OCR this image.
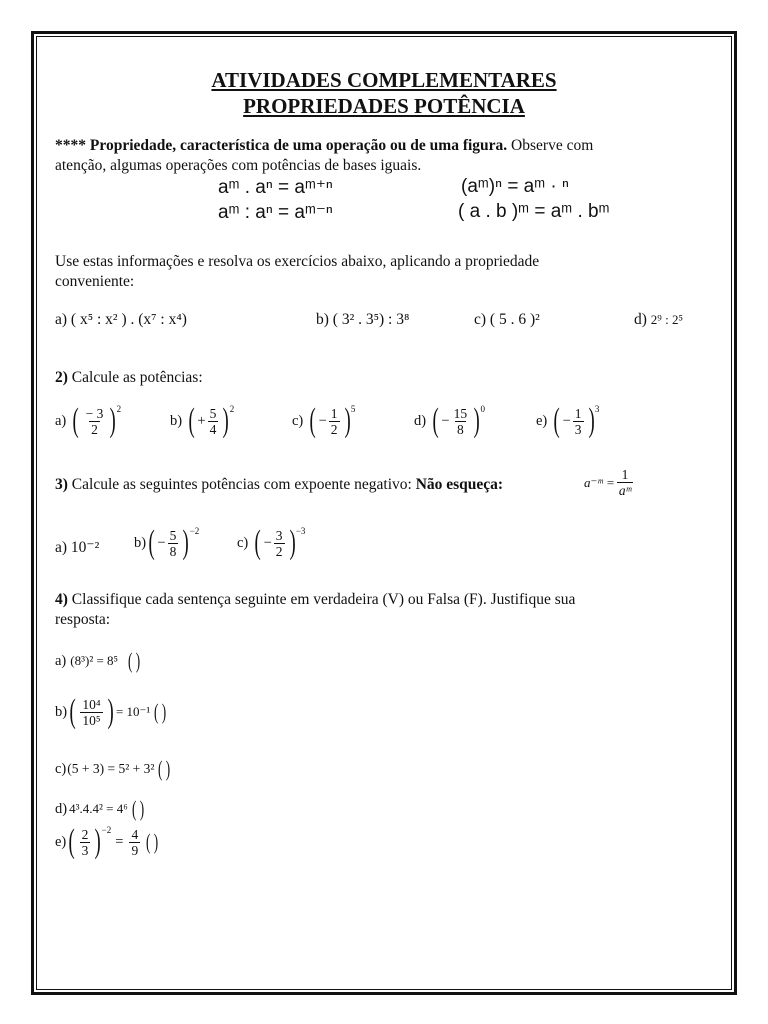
ATIVIDADES COMPLEMENTARES
PROPRIEDADES POTÊNCIA
**** Propriedade, característica de uma operação ou de uma figura. Observe com
atenção, algumas operações com potências de bases iguais.
aᵐ . aⁿ = aᵐ⁺ⁿ	(aᵐ)ⁿ = aᵐ · ⁿ
aᵐ : aⁿ = aᵐ⁻ⁿ	( a . b )ᵐ = aᵐ . bᵐ
Use estas informações e resolva os exercícios abaixo, aplicando a propriedade
conveniente:
a) ( x⁵ : x² ) . (x⁷ : x⁴)	b) ( 3² . 3⁵) : 3⁸	c) ( 5 . 6 )²	d) 2⁹ : 2⁵
2) Calcule as potências:
a) ( $\frac{- 3}{2}$ ) 2
b) ( + $\frac{5}{4}$ ) 2
c) ( − $\frac{1}{2}$ ) 5
d) ( − $\frac{15}{8}$ ) 0
e) ( − $\frac{1}{3}$ ) 3
3) Calcule as seguintes potências com expoente negativo: Não esqueça:	a⁻ᵐ = $\frac{1}{\text{aᵐ}}$
a) 10⁻² b) ( − $\frac{5}{8}$ ) −2
c) ( − $\frac{3}{2}$ ) −3
4) Classifique cada sentença seguinte em verdadeira (V) ou Falsa (F). Justifique sua
resposta:
a) (8³)² = 8⁵ ( )
b) ( $\frac{\text{10⁴}}{\text{10⁵}}$ ) = 10⁻¹ ( )
c) (5 + 3) = 5² + 3² ( )
d) 4³.4.4² = 4⁶ ( )
e) ( $\frac{2}{3}$ ) −2
= $\frac{4}{9}$ ( )
